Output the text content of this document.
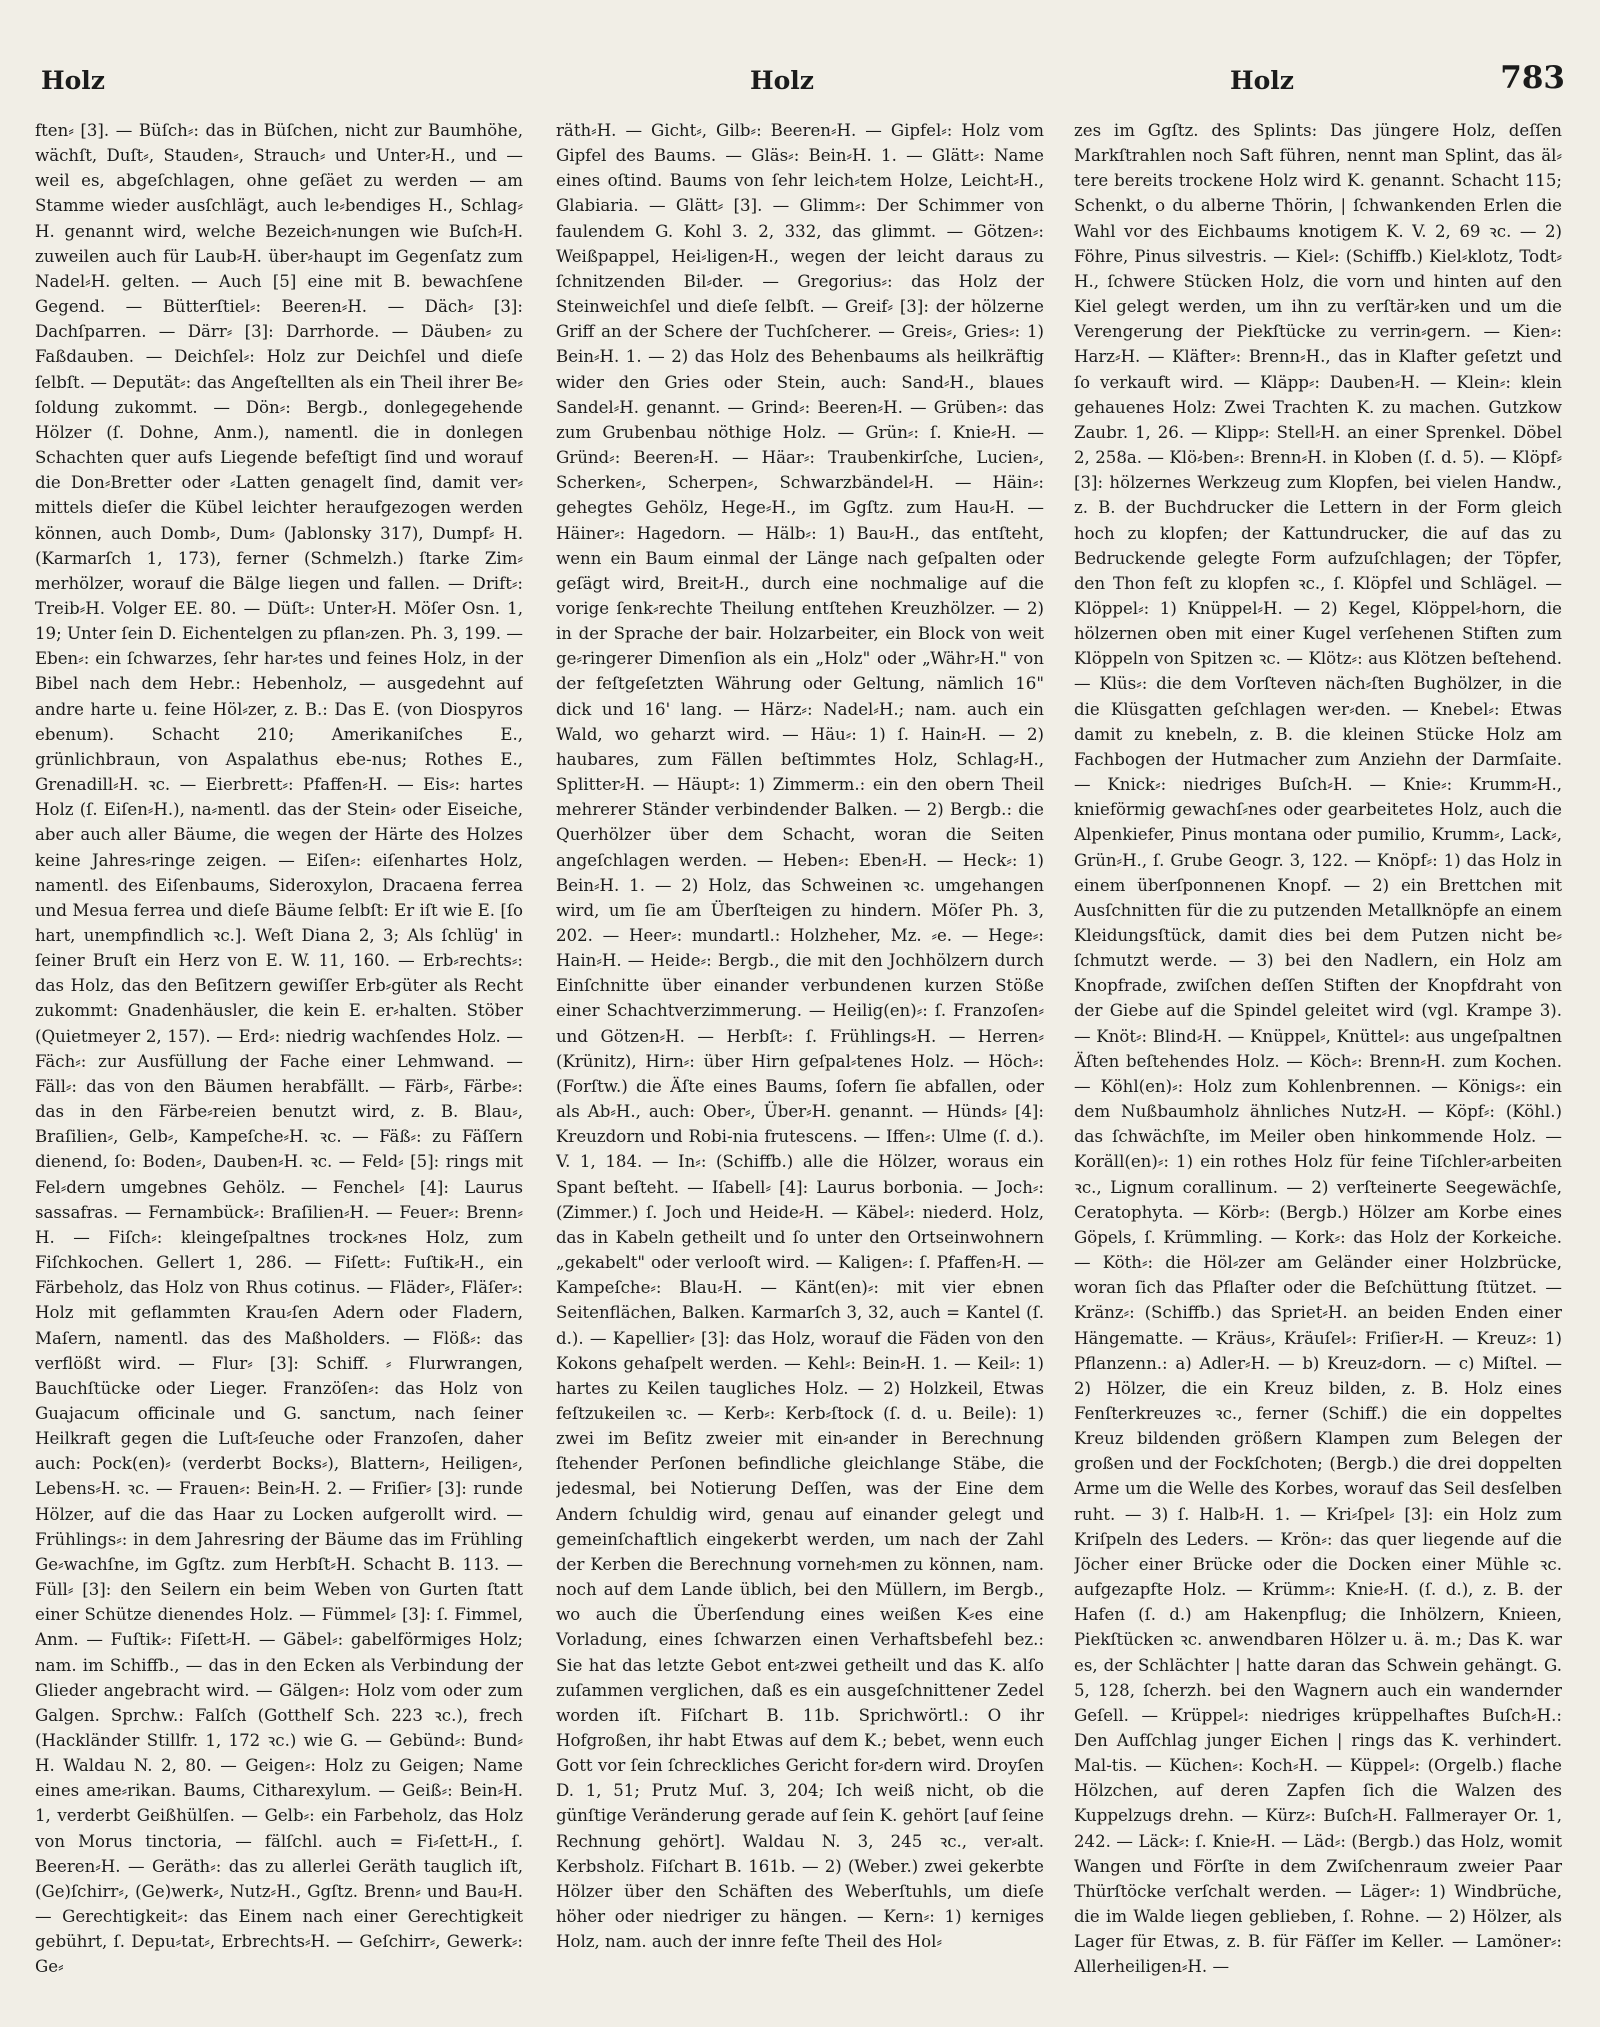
Holz	Holz	Holz	783
ften⸗ [3]. — Büſch⸗: das in Büſchen, nicht zur Baumhöhe, wächſt, Duſt⸗, Stauden⸗, Strauch⸗ und Unter⸗H., und — weil es, abgeſchlagen, ohne geſäet zu werden — am Stamme wieder ausſchlägt, auch le⸗bendiges H., Schlag⸗H. genannt wird, welche Bezeich⸗nungen wie Buſch⸗H. zuweilen auch für Laub⸗H. über⸗haupt im Gegenſatz zum Nadel⸗H. gelten. — Auch [5] eine mit B. bewachſene Gegend. — Bütterſtiel⸗: Beeren⸗H. — Däch⸗ [3]: Dachſparren. — Därr⸗ [3]: Darrhorde. — Däuben⸗ zu Faßdauben. — Deichſel⸗: Holz zur Deichſel und dieſe ſelbſt. — Deputät⸗: das Angeſtellten als ein Theil ihrer Be⸗ſoldung zukommt. — Dön⸗: Bergb., donlegegehende Hölzer (ſ. Dohne, Anm.), namentl. die in donlegen Schachten quer aufs Liegende befeſtigt ſind und worauf die Don⸗Bretter oder ⸗Latten genagelt ſind, damit ver⸗mittels dieſer die Kübel leichter heraufgezogen werden können, auch Domb⸗, Dum⸗ (Jablonsky 317), Dumpf⸗ H. (Karmarſch 1, 173), ferner (Schmelzh.) ſtarke Zim⸗merhölzer, worauf die Bälge liegen und fallen. — Drift⸗: Treib⸗H. Volger EE. 80. — Düſt⸗: Unter⸗H. Möſer Osn. 1, 19; Unter ſein D. Eichentelgen zu pflan⸗zen. Ph. 3, 199. — Eben⸗: ein ſchwarzes, ſehr har⸗tes und feines Holz, in der Bibel nach dem Hebr.: Hebenholz, — ausgedehnt auf andre harte u. feine Höl⸗zer, z. B.: Das E. (von Diospyros ebenum). Schacht 210; Amerikaniſches E., grünlichbraun, von Aspalathus ebe-nus; Rothes E., Grenadill⸗H. ꝛc. — Eierbrett⸗: Pfaffen⸗H. — Eis⸗: hartes Holz (ſ. Eiſen⸗H.), na⸗mentl. das der Stein⸗ oder Eiseiche, aber auch aller Bäume, die wegen der Härte des Holzes keine Jahres⸗ringe zeigen. — Eiſen⸗: eiſenhartes Holz, namentl. des Eiſenbaums, Sideroxylon, Dracaena ferrea und Mesua ferrea und dieſe Bäume ſelbſt: Er iſt wie E. [ſo hart, unempfindlich ꝛc.]. Weſt Diana 2, 3; Als ſchlüg' in ſeiner Bruſt ein Herz von E. W. 11, 160. — Erb⸗rechts⸗: das Holz, das den Beſitzern gewiſſer Erb⸗güter als Recht zukommt: Gnadenhäusler, die kein E. er⸗halten. Stöber (Quietmeyer 2, 157). — Erd⸗: niedrig wachſendes Holz. — Fäch⸗: zur Ausfüllung der Fache einer Lehmwand. — Fäll⸗: das von den Bäumen herabfällt. — Färb⸗, Färbe⸗: das in den Färbe⸗reien benutzt wird, z. B. Blau⸗, Braſilien⸗, Gelb⸗, Kampeſche⸗H. ꝛc. — Fäß⸗: zu Fäſſern dienend, ſo: Boden⸗, Dauben⸗H. ꝛc. — Feld⸗ [5]: rings mit Fel⸗dern umgebnes Gehölz. — Fenchel⸗ [4]: Laurus sassafras. — Fernambück⸗: Braſilien⸗H. — Feuer⸗: Brenn⸗H. — Fiſch⸗: kleingeſpaltnes trock⸗nes Holz, zum Fiſchkochen. Gellert 1, 286. — Fiſett⸗: Fuſtik⸗H., ein Färbeholz, das Holz von Rhus cotinus. — Fläder⸗, Fläſer⸗: Holz mit geflammten Krau⸗ſen Adern oder Fladern, Maſern, namentl. das des Maßholders. — Flöß⸗: das verflößt wird. — Flur⸗ [3]: Schiff. ⸗ Flurwrangen, Bauchſtücke oder Lieger. Franzöſen⸗: das Holz von Guajacum officinale und G. sanctum, nach ſeiner Heilkraft gegen die Luſt⸗ſeuche oder Franzoſen, daher auch: Pock(en)⸗ (verderbt Bocks⸗), Blattern⸗, Heiligen⸗, Lebens⸗H. ꝛc. — Frauen⸗: Bein⸗H. 2. — Friſier⸗ [3]: runde Hölzer, auf die das Haar zu Locken aufgerollt wird. — Frühlings⸗: in dem Jahresring der Bäume das im Frühling Ge⸗wachſne, im Ggſtz. zum Herbſt⸗H. Schacht B. 113. — Füll⸗ [3]: den Seilern ein beim Weben von Gurten ſtatt einer Schütze dienendes Holz. — Fümmel⸗ [3]: ſ. Fimmel, Anm. — Fuſtik⸗: Fiſett⸗H. — Gäbel⸗: gabelförmiges Holz; nam. im Schiffb., — das in den Ecken als Verbindung der Glieder angebracht wird. — Gälgen⸗: Holz vom oder zum Galgen. Sprchw.: Falſch (Gotthelf Sch. 223 ꝛc.), frech (Hackländer Stillfr. 1, 172 ꝛc.) wie G. — Gebünd⸗: Bund⸗H. Waldau N. 2, 80. — Geigen⸗: Holz zu Geigen; Name eines ame⸗rikan. Baums, Citharexylum. — Geiß⸗: Bein⸗H. 1, verderbt Geißhülſen. — Gelb⸗: ein Farbeholz, das Holz von Morus tinctoria, — fälſchl. auch = Fi⸗ſett⸗H., ſ. Beeren⸗H. — Geräth⸗: das zu allerlei Geräth tauglich iſt, (Ge)ſchirr⸗, (Ge)werk⸗, Nutz⸗H., Ggſtz. Brenn⸗ und Bau⸗H. — Gerechtigkeit⸗: das Einem nach einer Gerechtigkeit gebührt, ſ. Depu⸗tat⸗, Erbrechts⸗H. — Geſchirr⸗, Gewerk⸗: Ge⸗
räth⸗H. — Gicht⸗, Gilb⸗: Beeren⸗H. — Gipfel⸗: Holz vom Gipfel des Baums. — Gläs⸗: Bein⸗H. 1. — Glätt⸗: Name eines oſtind. Baums von ſehr leich⸗tem Holze, Leicht⸗H., Glabiaria. — Glätt⸗ [3]. — Glimm⸗: Der Schimmer von faulendem G. Kohl 3. 2, 332, das glimmt. — Götzen⸗: Weißpappel, Hei⸗ligen⸗H., wegen der leicht daraus zu ſchnitzenden Bil⸗der. — Gregorius⸗: das Holz der Steinweichſel und dieſe ſelbſt. — Greif⸗ [3]: der hölzerne Griff an der Schere der Tuchſcherer. — Greis⸗, Gries⸗: 1) Bein⸗H. 1. — 2) das Holz des Behenbaums als heilkräftig wider den Gries oder Stein, auch: Sand⸗H., blaues Sandel⸗H. genannt. — Grind⸗: Beeren⸗H. — Grüben⸗: das zum Grubenbau nöthige Holz. — Grün⸗: ſ. Knie⸗H. — Gründ⸗: Beeren⸗H. — Häar⸗: Traubenkirſche, Lucien⸗, Scherken⸗, Scherpen⸗, Schwarzbändel⸗H. — Häin⸗: gehegtes Gehölz, Hege⸗H., im Ggſtz. zum Hau⸗H. — Häiner⸗: Hagedorn. — Hälb⸗: 1) Bau⸗H., das entſteht, wenn ein Baum einmal der Länge nach geſpalten oder geſägt wird, Breit⸗H., durch eine nochmalige auf die vorige ſenk⸗rechte Theilung entſtehen Kreuzhölzer. — 2) in der Sprache der bair. Holzarbeiter, ein Block von weit ge⸗ringerer Dimenſion als ein „Holz" oder „Währ⸗H." von der feſtgeſetzten Währung oder Geltung, nämlich 16" dick und 16' lang. — Härz⸗: Nadel⸗H.; nam. auch ein Wald, wo geharzt wird. — Häu⸗: 1) ſ. Hain⸗H. — 2) haubares, zum Fällen beſtimmtes Holz, Schlag⸗H., Splitter⸗H. — Häupt⸗: 1) Zimmerm.: ein den obern Theil mehrerer Ständer verbindender Balken. — 2) Bergb.: die Querhölzer über dem Schacht, woran die Seiten angeſchlagen werden. — Heben⸗: Eben⸗H. — Heck⸗: 1) Bein⸗H. 1. — 2) Holz, das Schweinen ꝛc. umgehangen wird, um ſie am Überſteigen zu hindern. Möſer Ph. 3, 202. — Heer⸗: mundartl.: Holzheher, Mz. ⸗e. — Hege⸗: Hain⸗H. — Heide⸗: Bergb., die mit den Jochhölzern durch Einſchnitte über einander verbundenen kurzen Stöße einer Schachtverzimmerung. — Heilig(en)⸗: ſ. Franzoſen⸗ und Götzen⸗H. — Herbſt⸗: ſ. Frühlings⸗H. — Herren⸗ (Krünitz), Hirn⸗: über Hirn geſpal⸗tenes Holz. — Höch⸗: (Forſtw.) die Äſte eines Baums, ſofern ſie abfallen, oder als Ab⸗H., auch: Ober⸗, Über⸗H. genannt. — Hünds⸗ [4]: Kreuzdorn und Robi-nia frutescens. — Iffen⸗: Ulme (ſ. d.). V. 1, 184. — In⸗: (Schiffb.) alle die Hölzer, woraus ein Spant beſteht. — Iſabell⸗ [4]: Laurus borbonia. — Joch⸗: (Zimmer.) ſ. Joch und Heide⸗H. — Käbel⸗: niederd. Holz, das in Kabeln getheilt und ſo unter den Ortseinwohnern „gekabelt" oder verlooſt wird. — Kaligen⸗: ſ. Pfaffen⸗H. — Kampeſche⸗: Blau⸗H. — Känt(en)⸗: mit vier ebnen Seitenflächen, Balken. Karmarſch 3, 32, auch = Kantel (ſ. d.). — Kapellier⸗ [3]: das Holz, worauf die Fäden von den Kokons gehaſpelt werden. — Kehl⸗: Bein⸗H. 1. — Keil⸗: 1) hartes zu Keilen taugliches Holz. — 2) Holzkeil, Etwas feſtzukeilen ꝛc. — Kerb⸗: Kerb⸗ſtock (ſ. d. u. Beile): 1) zwei im Beſitz zweier mit ein⸗ander in Berechnung ſtehender Perſonen befindliche gleichlange Stäbe, die jedesmal, bei Notierung Deſſen, was der Eine dem Andern ſchuldig wird, genau auf einander gelegt und gemeinſchaftlich eingekerbt werden, um nach der Zahl der Kerben die Berechnung vorneh⸗men zu können, nam. noch auf dem Lande üblich, bei den Müllern, im Bergb., wo auch die Überſendung eines weißen K⸗es eine Vorladung, eines ſchwarzen einen Verhaftsbefehl bez.: Sie hat das letzte Gebot ent⸗zwei getheilt und das K. alſo zuſammen verglichen, daß es ein ausgeſchnittener Zedel worden iſt. Fiſchart B. 11b. Sprichwörtl.: O ihr Hofgroßen, ihr habt Etwas auf dem K.; bebet, wenn euch Gott vor ſein ſchreckliches Gericht for⸗dern wird. Droyſen D. 1, 51; Prutz Muſ. 3, 204; Ich weiß nicht, ob die günſtige Veränderung gerade auf ſein K. gehört [auf ſeine Rechnung gehört]. Waldau N. 3, 245 ꝛc., ver⸗alt. Kerbsholz. Fiſchart B. 161b. — 2) (Weber.) zwei gekerbte Hölzer über den Schäften des Weberſtuhls, um dieſe höher oder niedriger zu hängen. — Kern⸗: 1) kerniges Holz, nam. auch der innre feſte Theil des Hol⸗
zes im Ggſtz. des Splints: Das jüngere Holz, deſſen Markſtrahlen noch Saft führen, nennt man Splint, das äl⸗tere bereits trockene Holz wird K. genannt. Schacht 115; Schenkt, o du alberne Thörin, | ſchwankenden Erlen die Wahl vor des Eichbaums knotigem K. V. 2, 69 ꝛc. — 2) Föhre, Pinus silvestris. — Kiel⸗: (Schiffb.) Kiel⸗klotz, Todt⸗H., ſchwere Stücken Holz, die vorn und hinten auf den Kiel gelegt werden, um ihn zu verſtär⸗ken und um die Verengerung der Piekſtücke zu verrin⸗gern. — Kien⸗: Harz⸗H. — Kläfter⸗: Brenn⸗H., das in Klafter geſetzt und ſo verkauft wird. — Kläpp⸗: Dauben⸗H. — Klein⸗: klein gehauenes Holz: Zwei Trachten K. zu machen. Gutzkow Zaubr. 1, 26. — Klipp⸗: Stell⸗H. an einer Sprenkel. Döbel 2, 258a. — Klö⸗ben⸗: Brenn⸗H. in Kloben (ſ. d. 5). — Klöpf⸗ [3]: hölzernes Werkzeug zum Klopfen, bei vielen Handw., z. B. der Buchdrucker die Lettern in der Form gleich hoch zu klopfen; der Kattundrucker, die auf das zu Bedruckende gelegte Form aufzuſchlagen; der Töpfer, den Thon feſt zu klopfen ꝛc., ſ. Klöpfel und Schlägel. — Klöppel⸗: 1) Knüppel⸗H. — 2) Kegel, Klöppel⸗horn, die hölzernen oben mit einer Kugel verſehenen Stiften zum Klöppeln von Spitzen ꝛc. — Klötz⸗: aus Klötzen beſtehend. — Klüs⸗: die dem Vorſteven näch⸗ſten Bughölzer, in die die Klüsgatten geſchlagen wer⸗den. — Knebel⸗: Etwas damit zu knebeln, z. B. die kleinen Stücke Holz am Fachbogen der Hutmacher zum Anziehn der Darmſaite. — Knick⸗: niedriges Buſch⸗H. — Knie⸗: Krumm⸗H., knieförmig gewachſ⸗nes oder gearbeitetes Holz, auch die Alpenkiefer, Pinus montana oder pumilio, Krumm⸗, Lack⸗, Grün⸗H., ſ. Grube Geogr. 3, 122. — Knöpf⸗: 1) das Holz in einem überſponnenen Knopf. — 2) ein Brettchen mit Ausſchnitten für die zu putzenden Metallknöpfe an einem Kleidungsſtück, damit dies bei dem Putzen nicht be⸗ſchmutzt werde. — 3) bei den Nadlern, ein Holz am Knopfrade, zwiſchen deſſen Stiften der Knopfdraht von der Giebe auf die Spindel geleitet wird (vgl. Krampe 3). — Knöt⸗: Blind⸗H. — Knüppel⸗, Knüttel⸗: aus ungeſpaltnen Äſten beſtehendes Holz. — Köch⸗: Brenn⸗H. zum Kochen. — Köhl(en)⸗: Holz zum Kohlenbrennen. — Königs⸗: ein dem Nußbaumholz ähnliches Nutz⸗H. — Köpf⸗: (Köhl.) das ſchwächſte, im Meiler oben hinkommende Holz. — Koräll(en)⸗: 1) ein rothes Holz für feine Tiſchler⸗arbeiten ꝛc., Lignum corallinum. — 2) verſteinerte Seegewächſe, Ceratophyta. — Körb⸗: (Bergb.) Hölzer am Korbe eines Göpels, ſ. Krümmling. — Kork⸗: das Holz der Korkeiche. — Köth⸗: die Höl⸗zer am Geländer einer Holzbrücke, woran ſich das Pflaſter oder die Beſchüttung ſtützet. — Kränz⸗: (Schiffb.) das Spriet⸗H. an beiden Enden einer Hängematte. — Kräus⸗, Kräuſel⸗: Friſier⸗H. — Kreuz⸗: 1) Pflanzenn.: a) Adler⸗H. — b) Kreuz⸗dorn. — c) Miſtel. — 2) Hölzer, die ein Kreuz bilden, z. B. Holz eines Fenſterkreuzes ꝛc., ferner (Schiff.) die ein doppeltes Kreuz bildenden größern Klampen zum Belegen der großen und der Fockſchoten; (Bergb.) die drei doppelten Arme um die Welle des Korbes, worauf das Seil desſelben ruht. — 3) ſ. Halb⸗H. 1. — Kri⸗ſpel⸗ [3]: ein Holz zum Kriſpeln des Leders. — Krön⸗: das quer liegende auf die Jöcher einer Brücke oder die Docken einer Mühle ꝛc. aufgezapfte Holz. — Krümm⸗: Knie⸗H. (ſ. d.), z. B. der Hafen (ſ. d.) am Hakenpflug; die Inhölzern, Knieen, Piekſtücken ꝛc. anwendbaren Hölzer u. ä. m.; Das K. war es, der Schlächter | hatte daran das Schwein gehängt. G. 5, 128, ſcherzh. bei den Wagnern auch ein wandernder Geſell. — Krüppel⸗: niedriges krüppelhaftes Buſch⸗H.: Den Aufſchlag junger Eichen | rings das K. verhindert. Mal-tis. — Küchen⸗: Koch⸗H. — Küppel⸗: (Orgelb.) flache Hölzchen, auf deren Zapfen ſich die Walzen des Kuppelzugs drehn. — Kürz⸗: Buſch⸗H. Fallmerayer Or. 1, 242. — Läck⸗: ſ. Knie⸗H. — Läd⸗: (Bergb.) das Holz, womit Wangen und Förſte in dem Zwiſchenraum zweier Paar Thürſtöcke verſchalt werden. — Läger⸗: 1) Windbrüche, die im Walde liegen geblieben, ſ. Rohne. — 2) Hölzer, als Lager für Etwas, z. B. für Fäſſer im Keller. — Lamöner⸗: Allerheiligen⸗H. —
